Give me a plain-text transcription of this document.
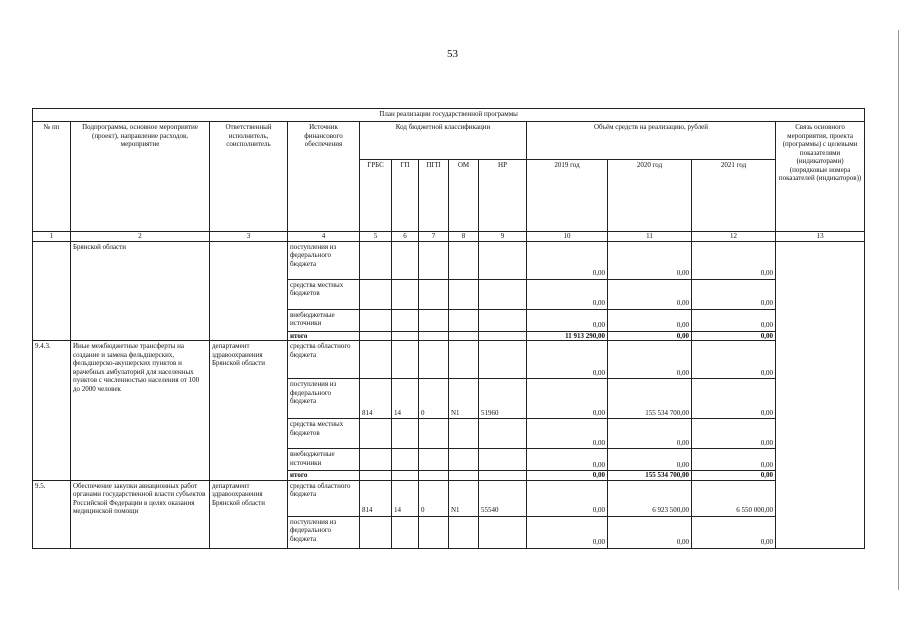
53
План реализации государственной программы												
№ пп	Подпрограмма, основное мероприятие (проект), направление расходов, мероприятие	Ответственный исполнитель, соисполнитель	Источник финансового обеспечения	Код бюджетной классификации					Объём средств на реализацию, рублей			Связь основного мероприятия, проекта (программы) с целевыми показателями (индикаторами) (порядковые номера показателей (индикаторов))
				ГРБС	ГП	ПГП	ОМ	НР	2019 год	2020 год	2021 год	
1	2	3	4	5	6	7	8	9	10	11	12	13
	Брянской области		поступления из федерального бюджета						0,00	0,00	0,00	
			средства местных бюджетов						0,00	0,00	0,00	
			внебюджетные источники						0,00	0,00	0,00	
			итого						11 913 290,00	0,00	0,00	
9.4.3.	Иные межбюджетные трансферты на создание и замена фельдшерских, фельдшерско-акушерских пунктов и врачебных амбулаторий для населенных пунктов с численностью населения от 100 до 2000 человек	департамент здравоохранения Брянской области	средства областного бюджета						0,00	0,00	0,00	
			поступления из федерального бюджета	814	14	0	N1	51960	0,00	155 534 700,00	0,00	
			средства местных бюджетов						0,00	0,00	0,00	
			внебюджетные источники						0,00	0,00	0,00	
			итого						0,00	155 534 700,00	0,00	
9.5.	Обеспечение закупки авиационных работ органами государственной власти субъектов Российской Федерации в целях оказания медицинской помощи	департамент здравоохранения Брянской области	средства областного бюджета	814	14	0	N1	55540	0,00	6 923 500,00	6 550 000,00	
			поступления из федерального бюджета						0,00	0,00	0,00	
